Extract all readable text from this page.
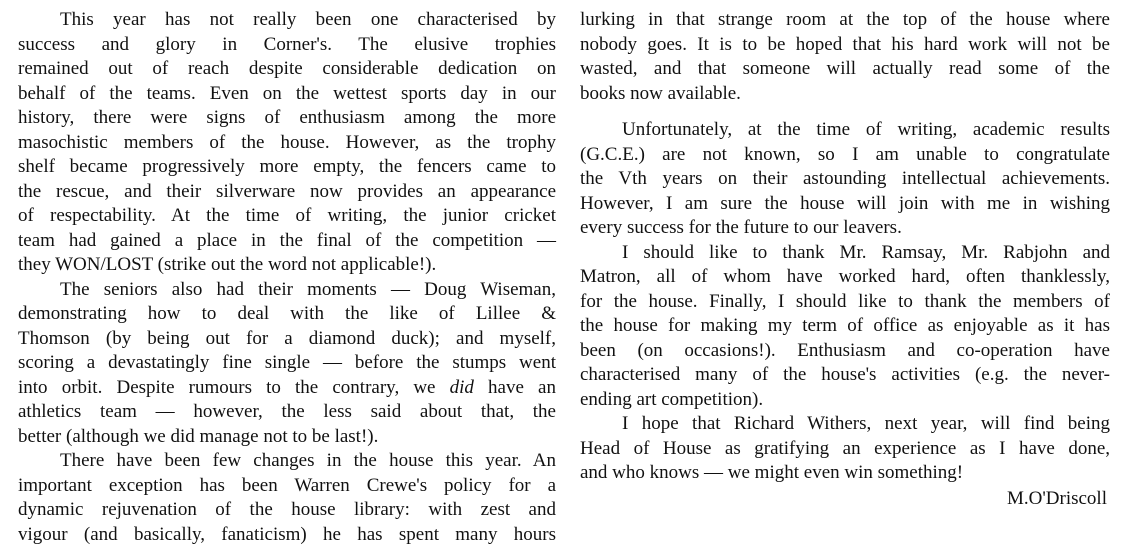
This year has not really been one characterised by
success and glory in Corner's. The elusive trophies
remained out of reach despite considerable dedication on
behalf of the teams. Even on the wettest sports day in our
history, there were signs of enthusiasm among the more
masochistic members of the house. However, as the trophy
shelf became progressively more empty, the fencers came to
the rescue, and their silverware now provides an appearance
of respectability. At the time of writing, the junior cricket
team had gained a place in the final of the competition —
they WON/LOST (strike out the word not applicable!).
The seniors also had their moments — Doug Wiseman,
demonstrating how to deal with the like of Lillee &
Thomson (by being out for a diamond duck); and myself,
scoring a devastatingly fine single — before the stumps went
into orbit. Despite rumours to the contrary, we did have an
athletics team — however, the less said about that, the
better (although we did manage not to be last!).
There have been few changes in the house this year. An
important exception has been Warren Crewe's policy for a
dynamic rejuvenation of the house library: with zest and
vigour (and basically, fanaticism) he has spent many hours
lurking in that strange room at the top of the house where
nobody goes. It is to be hoped that his hard work will not be
wasted, and that someone will actually read some of the
books now available.
Unfortunately, at the time of writing, academic results
(G.C.E.) are not known, so I am unable to congratulate
the Vth years on their astounding intellectual achievements.
However, I am sure the house will join with me in wishing
every success for the future to our leavers.
I should like to thank Mr. Ramsay, Mr. Rabjohn and
Matron, all of whom have worked hard, often thanklessly,
for the house. Finally, I should like to thank the members of
the house for making my term of office as enjoyable as it has
been (on occasions!). Enthusiasm and co-operation have
characterised many of the house's activities (e.g. the never-
ending art competition).
I hope that Richard Withers, next year, will find being
Head of House as gratifying an experience as I have done,
and who knows — we might even win something!
M.O'Driscoll
